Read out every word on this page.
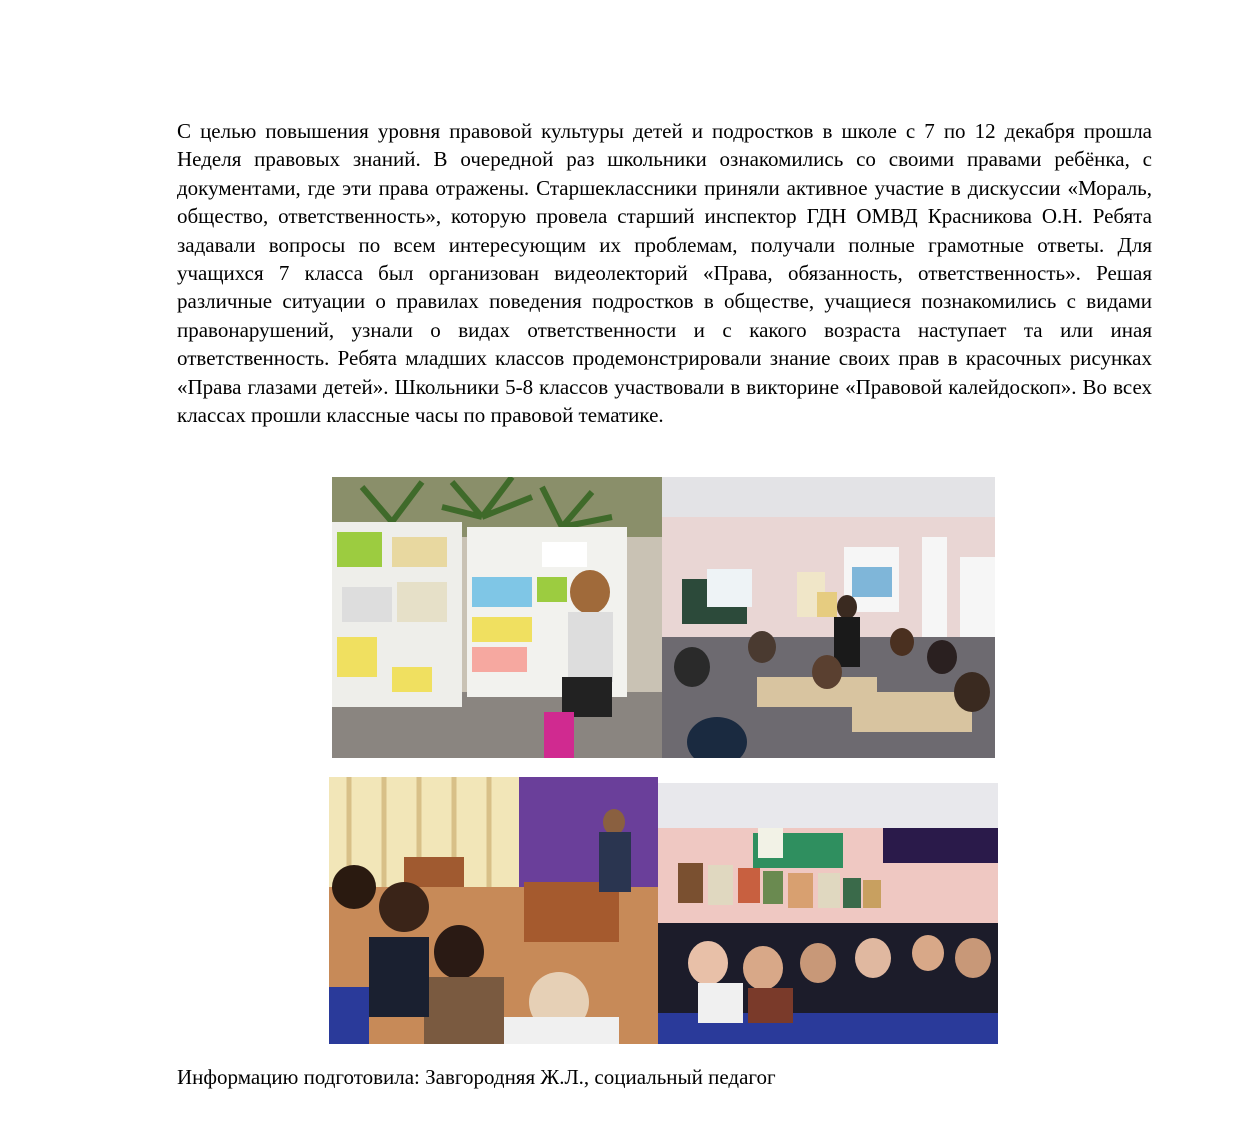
С целью повышения уровня правовой культуры детей и подростков в школе с 7 по 12 декабря прошла Неделя правовых знаний. В очередной раз школьники ознакомились со своими правами ребёнка, с документами, где эти права отражены. Старшеклассники приняли активное участие в дискуссии «Мораль, общество, ответственность», которую провела старший инспектор ГДН ОМВД Красникова О.Н. Ребята задавали вопросы по всем интересующим их проблемам, получали полные грамотные ответы. Для учащихся 7 класса был организован видеолекторий «Права, обязанность, ответственность». Решая различные ситуации о правилах поведения подростков в обществе, учащиеся познакомились с видами правонарушений, узнали о видах ответственности и с какого возраста наступает та или иная ответственность. Ребята младших классов продемонстрировали знание своих прав в красочных рисунках «Права глазами детей». Школьники 5-8 классов участвовали в викторине «Правовой калейдоскоп». Во всех классах прошли классные часы по правовой тематике.

Информацию подготовила: Завгородняя Ж.Л., социальный педагог
